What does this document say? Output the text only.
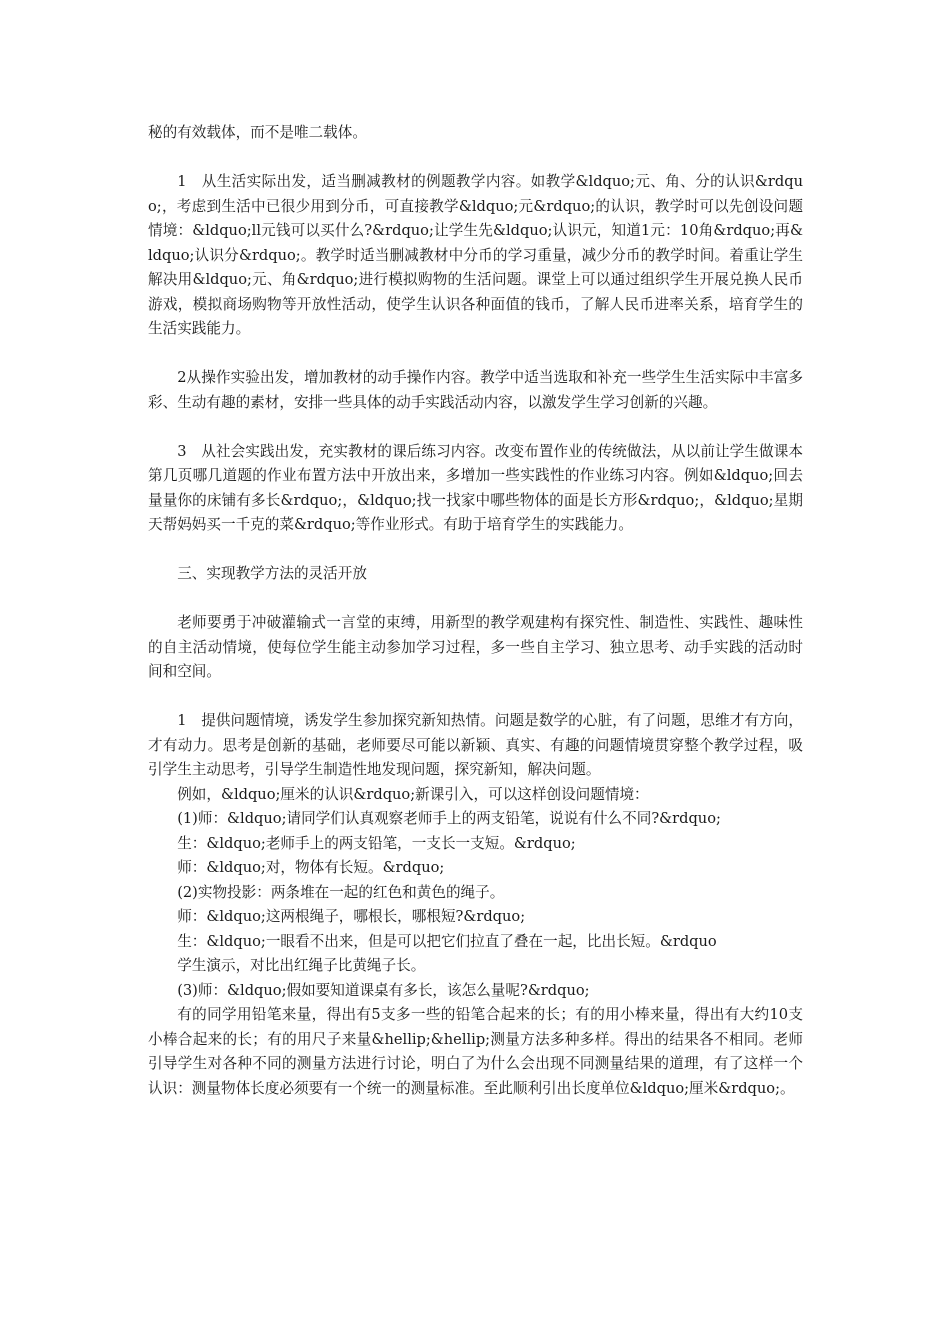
秘的有效载体，而不是唯二载体。

1　从生活实际出发，适当删减教材的例题教学内容。如教学&ldquo;元、角、分的认识&rdquo;，考虑到生活中已很少用到分币，可直接教学&ldquo;元&rdquo;的认识，教学时可以先创设问题情境：&ldquo;ll元钱可以买什么?&rdquo;让学生先&ldquo;认识元，知道1元：10角&rdquo;再&ldquo;认识分&rdquo;。教学时适当删减教材中分币的学习重量，减少分币的教学时间。着重让学生解决用&ldquo;元、角&rdquo;进行模拟购物的生活问题。课堂上可以通过组织学生开展兑换人民币游戏，模拟商场购物等开放性活动，使学生认识各种面值的钱币，了解人民币进率关系，培育学生的生活实践能力。

2从操作实验出发，增加教材的动手操作内容。教学中适当选取和补充一些学生生活实际中丰富多彩、生动有趣的素材，安排一些具体的动手实践活动内容，以激发学生学习创新的兴趣。

3　从社会实践出发，充实教材的课后练习内容。改变布置作业的传统做法，从以前让学生做课本第几页哪几道题的作业布置方法中开放出来，多增加一些实践性的作业练习内容。例如&ldquo;回去量量你的床铺有多长&rdquo;，&ldquo;找一找家中哪些物体的面是长方形&rdquo;，&ldquo;星期天帮妈妈买一千克的菜&rdquo;等作业形式。有助于培育学生的实践能力。

三、实现教学方法的灵活开放

老师要勇于冲破灌输式一言堂的束缚，用新型的教学观建构有探究性、制造性、实践性、趣味性的自主活动情境，使每位学生能主动参加学习过程，多一些自主学习、独立思考、动手实践的活动时间和空间。

1　提供问题情境，诱发学生参加探究新知热情。问题是数学的心脏，有了问题，思维才有方向，才有动力。思考是创新的基础，老师要尽可能以新颖、真实、有趣的问题情境贯穿整个教学过程，吸引学生主动思考，引导学生制造性地发现问题，探究新知，解决问题。

例如，&ldquo;厘米的认识&rdquo;新课引入，可以这样创设问题情境：

(1)师：&ldquo;请同学们认真观察老师手上的两支铅笔，说说有什么不同?&rdquo;

生：&ldquo;老师手上的两支铅笔，一支长一支短。&rdquo;

师：&ldquo;对，物体有长短。&rdquo;

(2)实物投影：两条堆在一起的红色和黄色的绳子。

师：&ldquo;这两根绳子，哪根长，哪根短?&rdquo;

生：&ldquo;一眼看不出来，但是可以把它们拉直了叠在一起，比出长短。&rdquo

学生演示，对比出红绳子比黄绳子长。

(3)师：&ldquo;假如要知道课桌有多长，该怎么量呢?&rdquo;

有的同学用铅笔来量，得出有5支多一些的铅笔合起来的长；有的用小棒来量，得出有大约10支小棒合起来的长；有的用尺子来量&hellip;&hellip;测量方法多种多样。得出的结果各不相同。老师引导学生对各种不同的测量方法进行讨论，明白了为什么会出现不同测量结果的道理，有了这样一个认识：测量物体长度必须要有一个统一的测量标准。至此顺利引出长度单位&ldquo;厘米&rdquo;。
